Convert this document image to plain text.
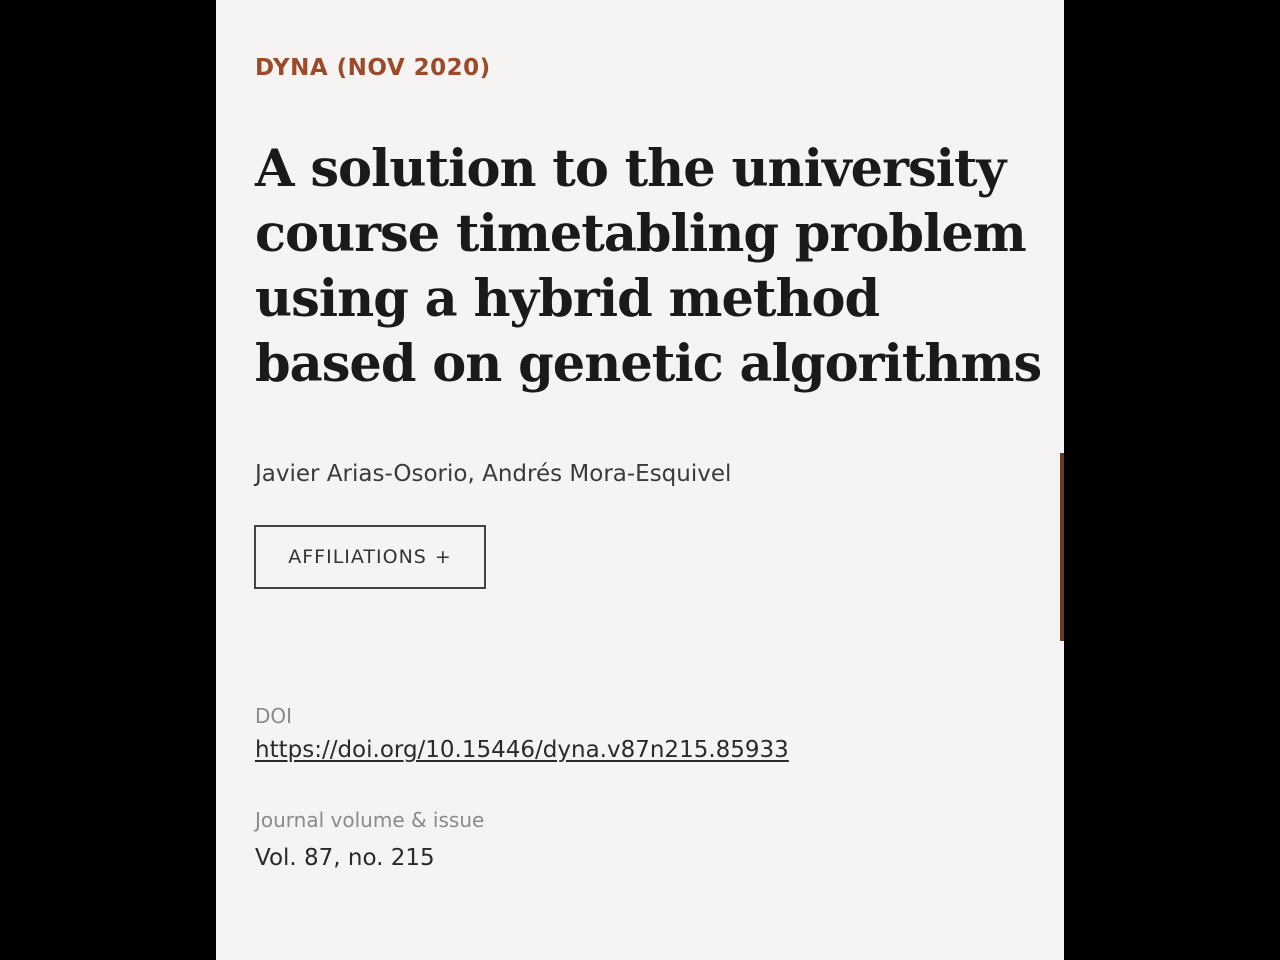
DYNA (NOV 2020)
A solution to the university course timetabling problem using a hybrid method based on genetic algorithms
Javier Arias-Osorio, Andrés Mora-Esquivel
AFFILIATIONS +
DOI
https://doi.org/10.15446/dyna.v87n215.85933
Journal volume & issue
Vol. 87, no. 215
